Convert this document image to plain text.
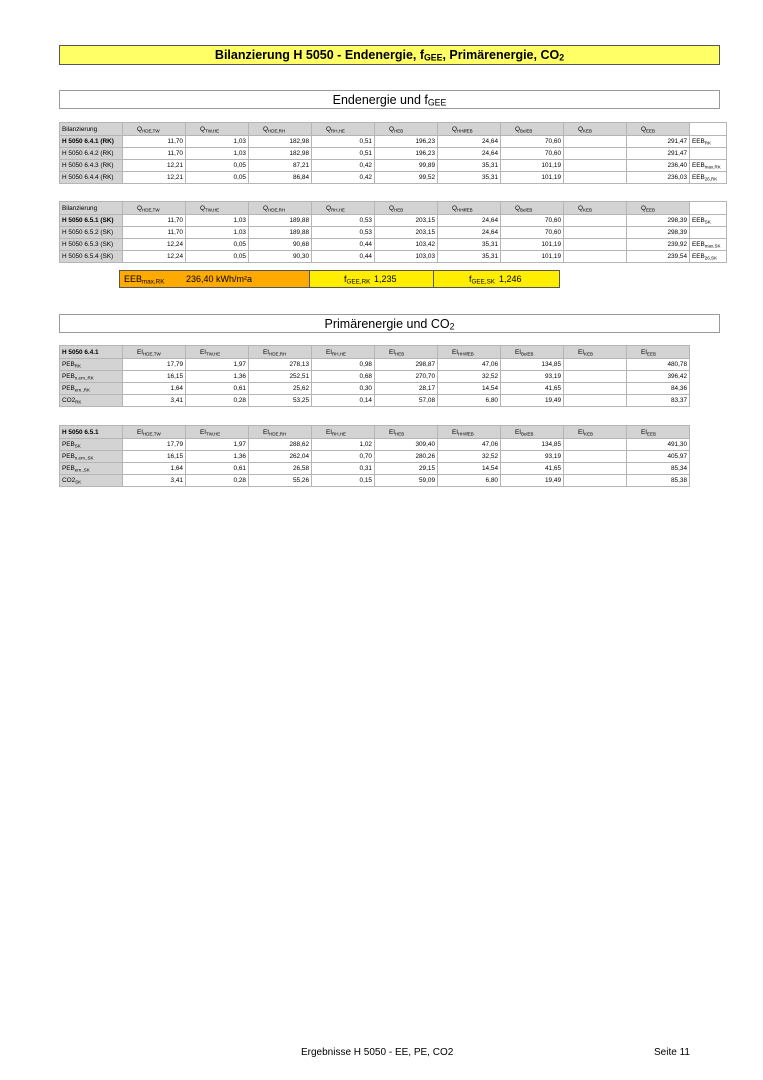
Bilanzierung H 5050 - Endenergie, $f_{GEE}$, Primärenergie, $CO_2$
Endenergie und $f_{GEE}$
Bilanzierung	$Q_{HDE,TW}$	$Q_{TW,HE}$	$Q_{HDE,RH}$	$Q_{RH,HE}$	$Q_{HEB}$	$Q_{HHilfEB}$	$Q_{BelEB}$	$Q_{KEB}$	$Q_{EEB}$	
H 5050 6.4.1 (RK)	11,70	1,03	182,98	0,51	196,23	24,64	70,60		291,47	$EEB_{RK}$
H 5050 6.4.2 (RK)	11,70	1,03	182,98	0,51	196,23	24,64	70,60		291,47	
H 5050 6.4.3 (RK)	12,21	0,05	87,21	0,42	99,89	35,31	101,19		236,40	$EEB_{max,RK}$
H 5050 6.4.4 (RK)	12,21	0,05	86,84	0,42	99,52	35,31	101,19		236,03	$EEB_{26,RK}$
Bilanzierung	$Q_{HDE,TW}$	$Q_{TW,HE}$	$Q_{HDE,RH}$	$Q_{RH,HE}$	$Q_{HEB}$	$Q_{HHilfEB}$	$Q_{BelEB}$	$Q_{KEB}$	$Q_{EEB}$	
H 5050 6.5.1 (SK)	11,70	1,03	189,88	0,53	203,15	24,64	70,60		298,39	$EEB_{SK}$
H 5050 6.5.2 (SK)	11,70	1,03	189,88	0,53	203,15	24,64	70,60		298,39	
H 5050 6.5.3 (SK)	12,24	0,05	90,68	0,44	103,42	35,31	101,19		239,92	$EEB_{max,SK}$
H 5050 6.5.4 (SK)	12,24	0,05	90,30	0,44	103,03	35,31	101,19		239,54	$EEB_{26,SK}$
$EEB_{max,RK}$ 236,40 kWh/m²a	$f_{GEE,RK}$ 1,235	$f_{GEE,SK}$ 1,246
Primärenergie und $CO_2$
H 5050 6.4.1	$EI_{HDE,TW}$	$EI_{TW,HE}$	$EI_{HDE,RH}$	$EI_{RH,HE}$	$EI_{HEB}$	$EI_{HHilfEB}$	$EI_{BelEB}$	$EI_{KEB}$	$EI_{EEB}$
$PEB_{RK}$	17,79	1,97	278,13	0,98	298,87	47,06	134,85		480,78
$PEB_{n.ern.,RK}$	16,15	1,36	252,51	0,68	270,70	32,52	93,19		396,42
$PEB_{ern.,RK}$	1,64	0,61	25,62	0,30	28,17	14,54	41,65		84,36
$CO2_{RK}$	3,41	0,28	53,25	0,14	57,08	6,80	19,49		83,37
H 5050 6.5.1	$EI_{HDE,TW}$	$EI_{TW,HE}$	$EI_{HDE,RH}$	$EI_{RH,HE}$	$EI_{HEB}$	$EI_{HHilfEB}$	$EI_{BelEB}$	$EI_{KEB}$	$EI_{EEB}$
$PEB_{SK}$	17,79	1,97	288,62	1,02	309,40	47,06	134,85		491,30
$PEB_{n.ern.,SK}$	16,15	1,36	262,04	0,70	280,26	32,52	93,19		405,97
$PEB_{ern.,SK}$	1,64	0,61	26,58	0,31	29,15	14,54	41,65		85,34
$CO2_{SK}$	3,41	0,28	55,26	0,15	59,09	6,80	19,49		85,38
Ergebnisse H 5050 - EE, PE, CO2	Seite 11
